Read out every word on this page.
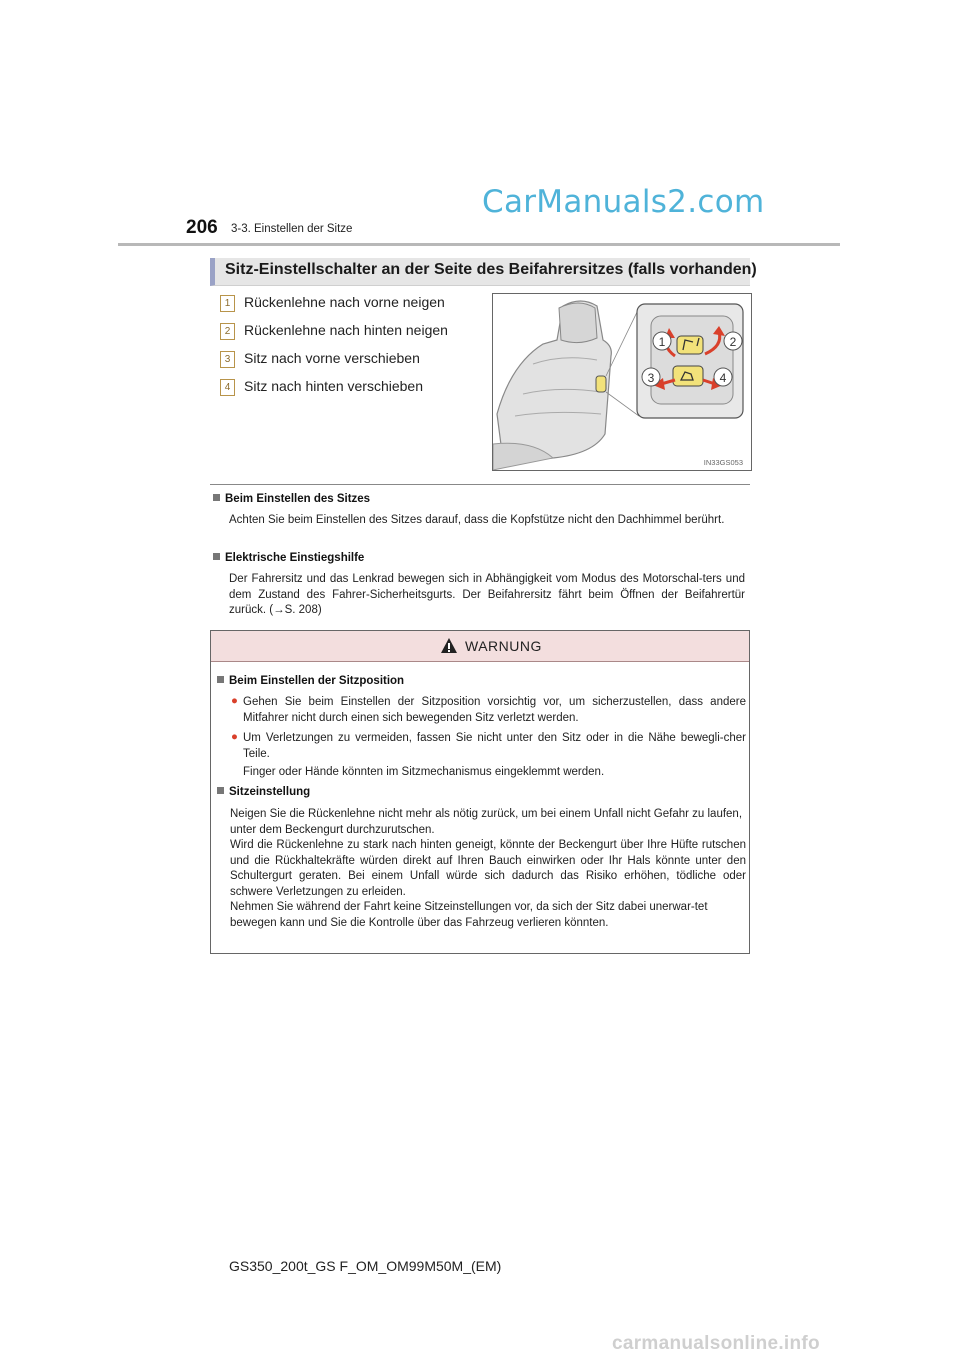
CarManuals2.com
206 3-3. Einstellen der Sitze
Sitz-Einstellschalter an der Seite des Beifahrersitzes (falls vorhanden)
1 Rückenlehne nach vorne neigen
2 Rückenlehne nach hinten neigen
3 Sitz nach vorne verschieben
4 Sitz nach hinten verschieben
1	2
3	4
IN33GS053
Beim Einstellen des Sitzes
Achten Sie beim Einstellen des Sitzes darauf, dass die Kopfstütze nicht den Dachhimmel berührt.
Elektrische Einstiegshilfe
Der Fahrersitz und das Lenkrad bewegen sich in Abhängigkeit vom Modus des Motorschal-ters und dem Zustand des Fahrer-Sicherheitsgurts. Der Beifahrersitz fährt beim Öffnen der Beifahrertür zurück. (→S. 208)
WARNUNG
Beim Einstellen der Sitzposition
● Gehen Sie beim Einstellen der Sitzposition vorsichtig vor, um sicherzustellen, dass andere Mitfahrer nicht durch einen sich bewegenden Sitz verletzt werden.
● Um Verletzungen zu vermeiden, fassen Sie nicht unter den Sitz oder in die Nähe bewegli-cher Teile.
Finger oder Hände könnten im Sitzmechanismus eingeklemmt werden.
Sitzeinstellung
Neigen Sie die Rückenlehne nicht mehr als nötig zurück, um bei einem Unfall nicht Gefahr zu laufen, unter dem Beckengurt durchzurutschen.
Wird die Rückenlehne zu stark nach hinten geneigt, könnte der Beckengurt über Ihre Hüfte rutschen und die Rückhaltekräfte würden direkt auf Ihren Bauch einwirken oder Ihr Hals könnte unter den Schultergurt geraten. Bei einem Unfall würde sich dadurch das Risiko erhöhen, tödliche oder schwere Verletzungen zu erleiden.
Nehmen Sie während der Fahrt keine Sitzeinstellungen vor, da sich der Sitz dabei unerwar-tet bewegen kann und Sie die Kontrolle über das Fahrzeug verlieren könnten.
GS350_200t_GS F_OM_OM99M50M_(EM)
carmanualsonline.info
